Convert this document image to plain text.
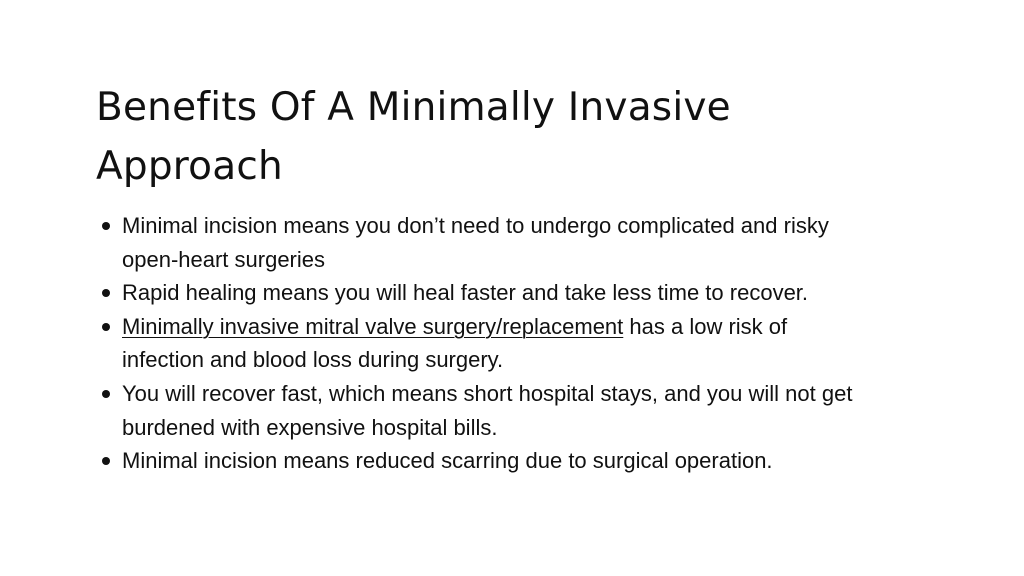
Benefits Of A Minimally Invasive
Approach
Minimal incision means you don’t need to undergo complicated and risky open-heart surgeries
Rapid healing means you will heal faster and take less time to recover.
Minimally invasive mitral valve surgery/replacement has a low risk of infection and blood loss during surgery.
You will recover fast, which means short hospital stays, and you will not get burdened with expensive hospital bills.
Minimal incision means reduced scarring due to surgical operation.
